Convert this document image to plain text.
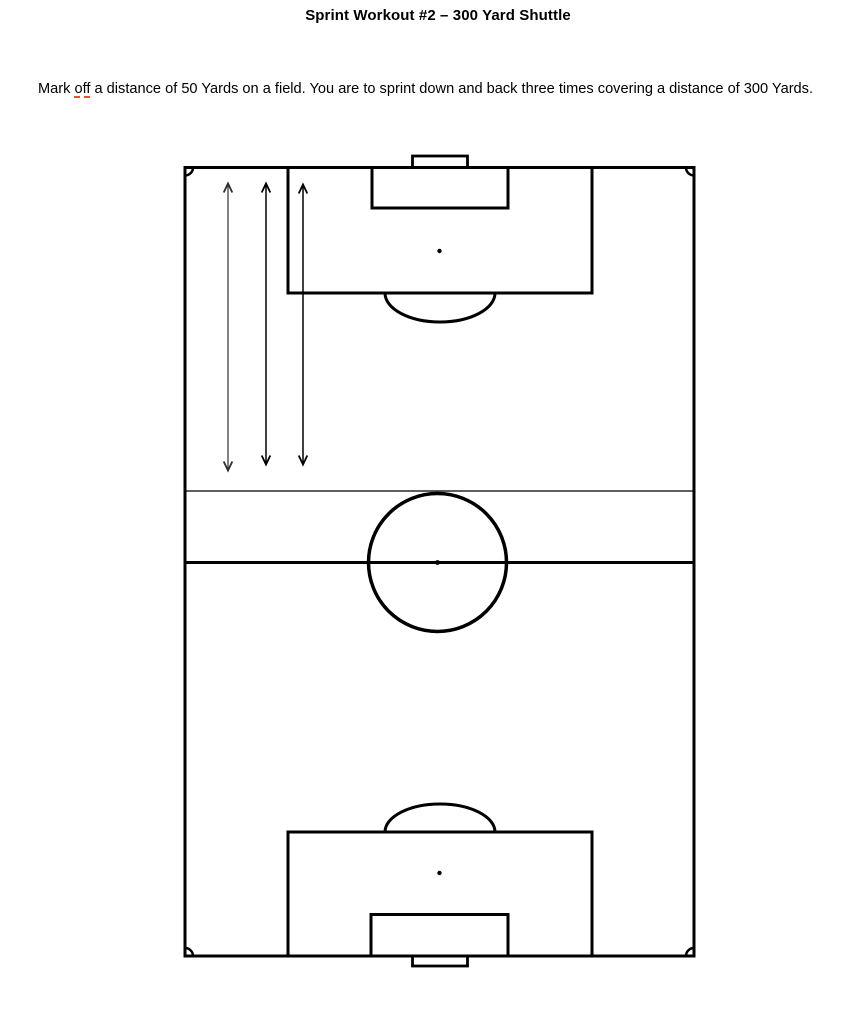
Sprint Workout #2 – 300 Yard Shuttle

Mark off a distance of 50 Yards on a field. You are to sprint down and back three times covering a distance of 300 Yards.
